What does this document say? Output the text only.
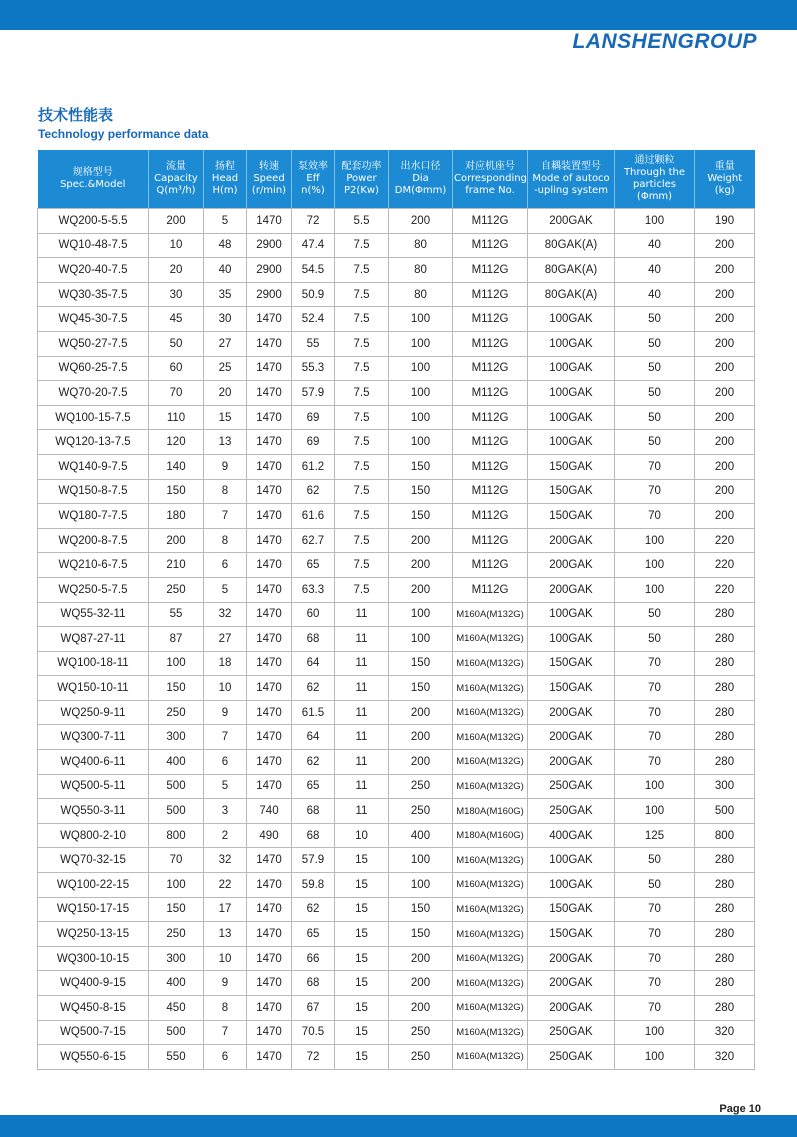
LANSHENGROUP
技术性能表
Technology performance data
规格型号
Spec.&Model	流量
Capacity
Q(m³/h)	扬程
Head
H(m)	转速
Speed
(r/min)	泵效率
Eff
n(%)	配套功率
Power
P2(Kw)	出水口径
Dia
DM(Φmm)	对应机座号
Corresponding
frame No.	自耦装置型号
Mode of autoco
-upling system	通过颗粒
Through the
particles
(Φmm)	重量
Weight
(kg)

WQ200-5-5.5	200	5	1470	72	5.5	200	M112G	200GAK	100	190
WQ10-48-7.5	10	48	2900	47.4	7.5	80	M112G	80GAK(A)	40	200
WQ20-40-7.5	20	40	2900	54.5	7.5	80	M112G	80GAK(A)	40	200
WQ30-35-7.5	30	35	2900	50.9	7.5	80	M112G	80GAK(A)	40	200
WQ45-30-7.5	45	30	1470	52.4	7.5	100	M112G	100GAK	50	200
WQ50-27-7.5	50	27	1470	55	7.5	100	M112G	100GAK	50	200
WQ60-25-7.5	60	25	1470	55.3	7.5	100	M112G	100GAK	50	200
WQ70-20-7.5	70	20	1470	57.9	7.5	100	M112G	100GAK	50	200
WQ100-15-7.5	110	15	1470	69	7.5	100	M112G	100GAK	50	200
WQ120-13-7.5	120	13	1470	69	7.5	100	M112G	100GAK	50	200
WQ140-9-7.5	140	9	1470	61.2	7.5	150	M112G	150GAK	70	200
WQ150-8-7.5	150	8	1470	62	7.5	150	M112G	150GAK	70	200
WQ180-7-7.5	180	7	1470	61.6	7.5	150	M112G	150GAK	70	200
WQ200-8-7.5	200	8	1470	62.7	7.5	200	M112G	200GAK	100	220
WQ210-6-7.5	210	6	1470	65	7.5	200	M112G	200GAK	100	220
WQ250-5-7.5	250	5	1470	63.3	7.5	200	M112G	200GAK	100	220
WQ55-32-11	55	32	1470	60	11	100	M160A(M132G)	100GAK	50	280
WQ87-27-11	87	27	1470	68	11	100	M160A(M132G)	100GAK	50	280
WQ100-18-11	100	18	1470	64	11	150	M160A(M132G)	150GAK	70	280
WQ150-10-11	150	10	1470	62	11	150	M160A(M132G)	150GAK	70	280
WQ250-9-11	250	9	1470	61.5	11	200	M160A(M132G)	200GAK	70	280
WQ300-7-11	300	7	1470	64	11	200	M160A(M132G)	200GAK	70	280
WQ400-6-11	400	6	1470	62	11	200	M160A(M132G)	200GAK	70	280
WQ500-5-11	500	5	1470	65	11	250	M160A(M132G)	250GAK	100	300
WQ550-3-11	500	3	740	68	11	250	M180A(M160G)	250GAK	100	500
WQ800-2-10	800	2	490	68	10	400	M180A(M160G)	400GAK	125	800
WQ70-32-15	70	32	1470	57.9	15	100	M160A(M132G)	100GAK	50	280
WQ100-22-15	100	22	1470	59.8	15	100	M160A(M132G)	100GAK	50	280
WQ150-17-15	150	17	1470	62	15	150	M160A(M132G)	150GAK	70	280
WQ250-13-15	250	13	1470	65	15	150	M160A(M132G)	150GAK	70	280
WQ300-10-15	300	10	1470	66	15	200	M160A(M132G)	200GAK	70	280
WQ400-9-15	400	9	1470	68	15	200	M160A(M132G)	200GAK	70	280
WQ450-8-15	450	8	1470	67	15	200	M160A(M132G)	200GAK	70	280
WQ500-7-15	500	7	1470	70.5	15	250	M160A(M132G)	250GAK	100	320
WQ550-6-15	550	6	1470	72	15	250	M160A(M132G)	250GAK	100	320
Page 10
